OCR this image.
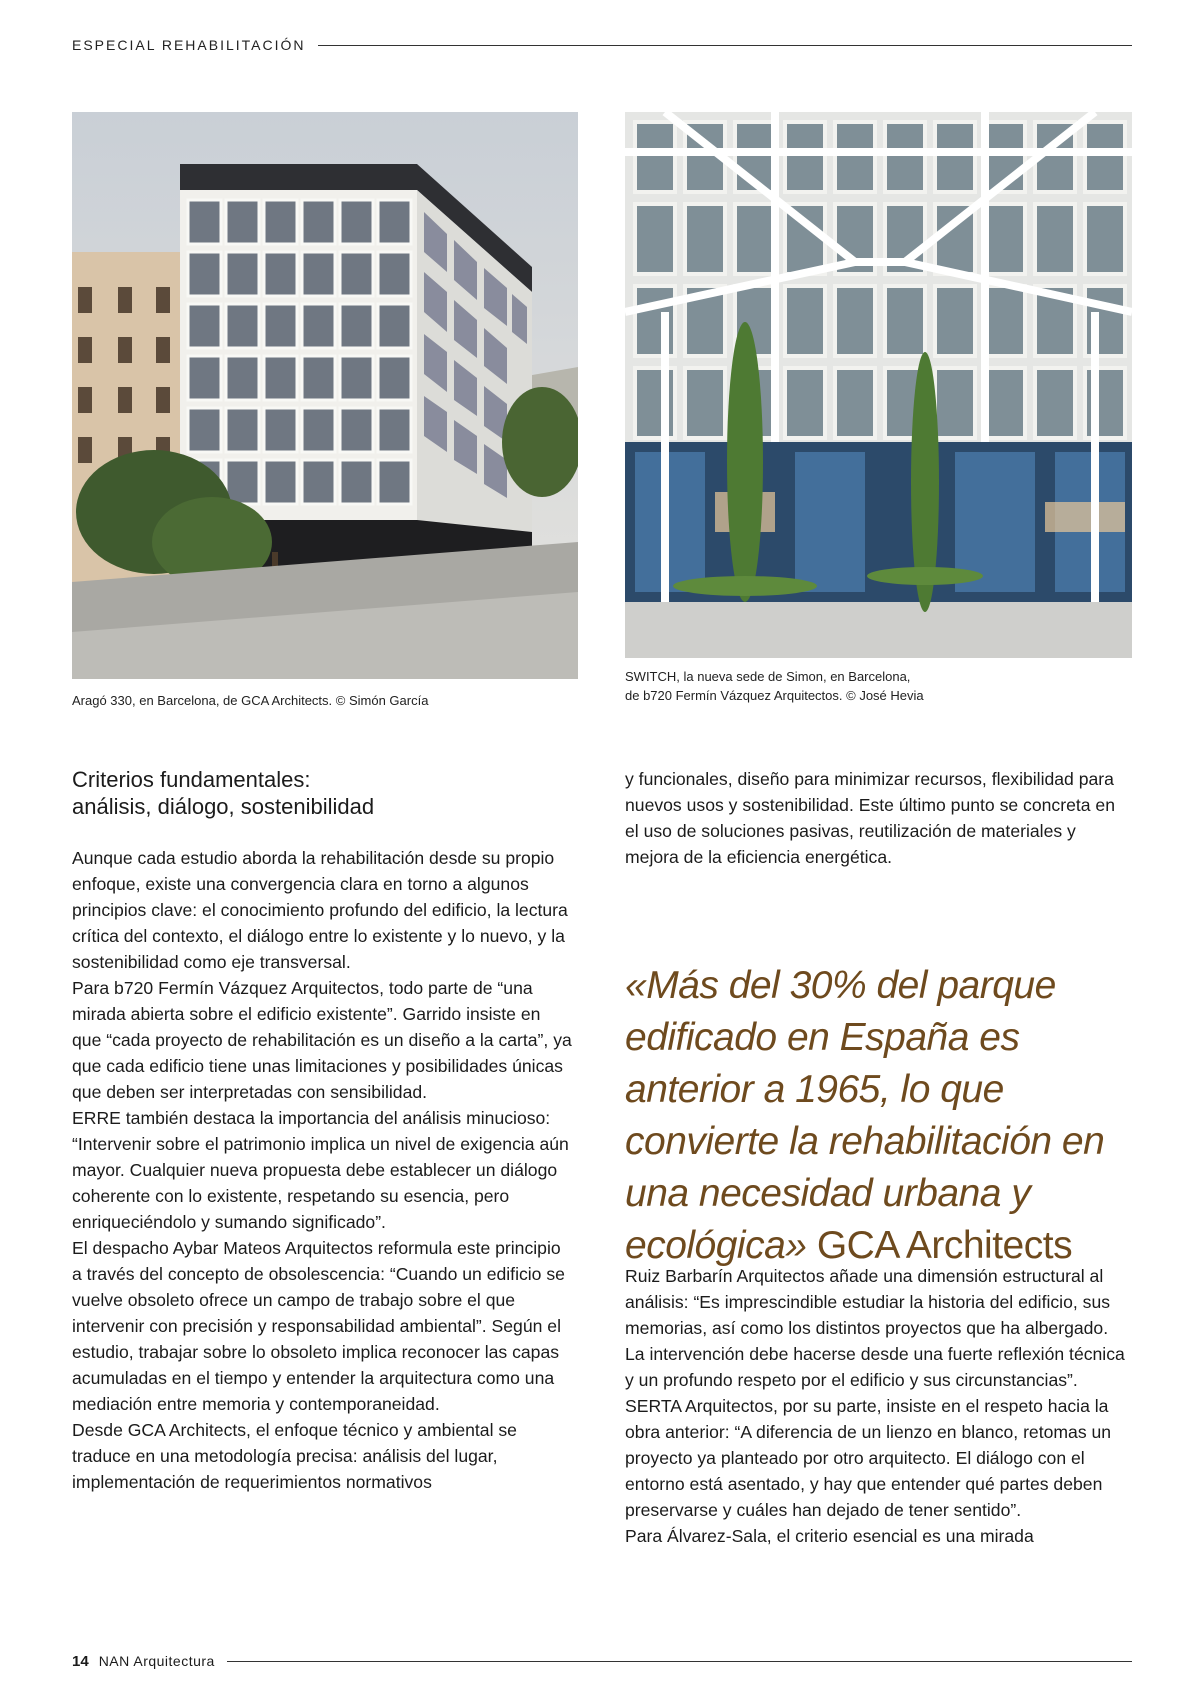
ESPECIAL REHABILITACIÓN
Aragó 330, en Barcelona, de GCA Architects. © Simón García
SWITCH, la nueva sede de Simon, en Barcelona,
de b720 Fermín Vázquez Arquitectos. © José Hevia
Criterios fundamentales:
análisis, diálogo, sostenibilidad

Aunque cada estudio aborda la rehabilitación desde su propio enfoque, existe una convergencia clara en torno a algunos principios clave: el conocimiento profundo del edificio, la lectura crítica del contexto, el diálogo entre lo existente y lo nuevo, y la sostenibilidad como eje transversal.

Para b720 Fermín Vázquez Arquitectos, todo parte de “una mirada abierta sobre el edificio existente”. Garrido insiste en que “cada proyecto de rehabilitación es un diseño a la carta”, ya que cada edificio tiene unas limitaciones y posibilidades únicas que deben ser interpretadas con sensibilidad.

ERRE también destaca la importancia del análisis minucioso: “Intervenir sobre el patrimonio implica un nivel de exigencia aún mayor. Cualquier nueva propuesta debe establecer un diálogo coherente con lo existente, respetando su esencia, pero enriqueciéndolo y sumando significado”.

El despacho Aybar Mateos Arquitectos reformula este principio a través del concepto de obsolescencia: “Cuando un edificio se vuelve obsoleto ofrece un campo de trabajo sobre el que intervenir con precisión y responsabilidad ambiental”. Según el estudio, trabajar sobre lo obsoleto implica reconocer las capas acumuladas en el tiempo y entender la arquitectura como una mediación entre memoria y contemporaneidad.

Desde GCA Architects, el enfoque técnico y ambiental se traduce en una metodología precisa: análisis del lugar, implementación de requerimientos normativos

y funcionales, diseño para minimizar recursos, flexibilidad para nuevos usos y sostenibilidad. Este último punto se concreta en el uso de soluciones pasivas, reutilización de materiales y mejora de la eficiencia energética.

«Más del 30% del parque edificado en España es anterior a 1965, lo que convierte la rehabilitación en una necesidad urbana y ecológica» GCA Architects

Ruiz Barbarín Arquitectos añade una dimensión estructural al análisis: “Es imprescindible estudiar la historia del edificio, sus memorias, así como los distintos proyectos que ha albergado. La intervención debe hacerse desde una fuerte reflexión técnica y un profundo respeto por el edificio y sus circunstancias”.

SERTA Arquitectos, por su parte, insiste en el respeto hacia la obra anterior: “A diferencia de un lienzo en blanco, retomas un proyecto ya planteado por otro arquitecto. El diálogo con el entorno está asentado, y hay que entender qué partes deben preservarse y cuáles han dejado de tener sentido”.

Para Álvarez-Sala, el criterio esencial es una mirada

14 NAN Arquitectura
